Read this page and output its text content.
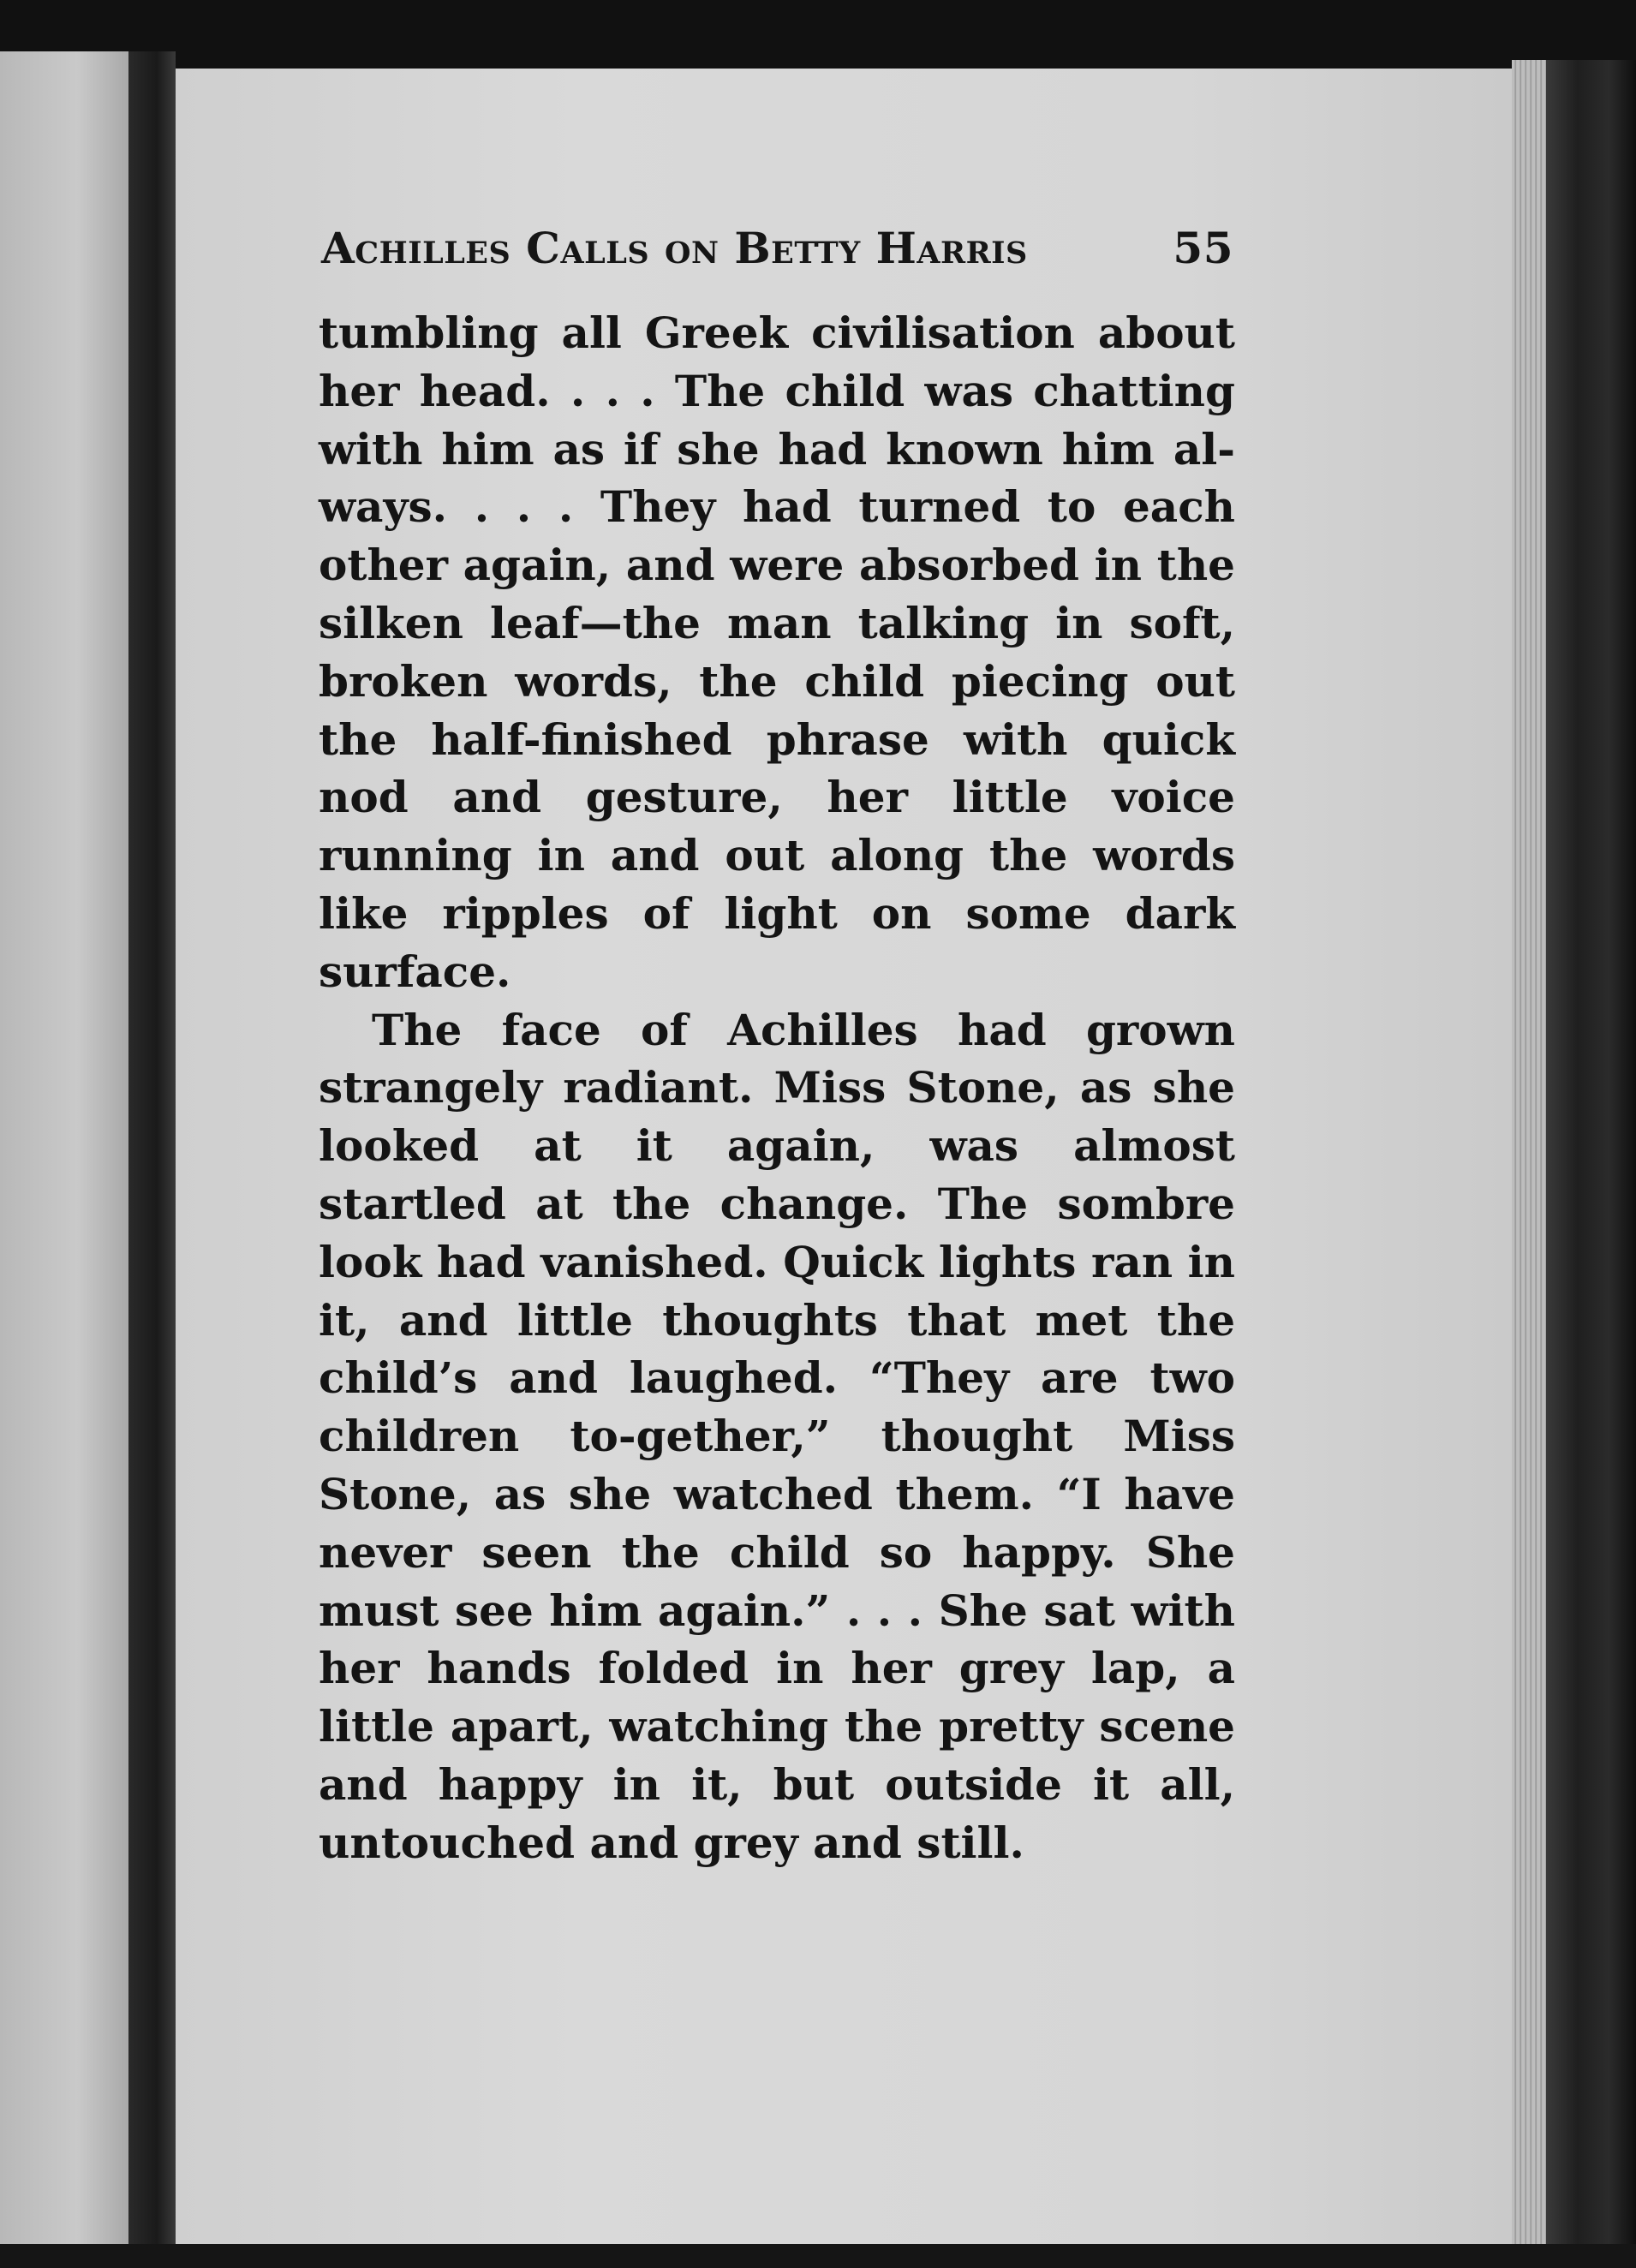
Achilles Calls on Betty Harris	55

tumbling all Greek civilisation about her head. . . . The child was chatting with him as if she had known him al-ways. . . . They had turned to each other again, and were absorbed in the silken leaf—the man talking in soft, broken words, the child piecing out the half-finished phrase with quick nod and gesture, her little voice running in and out along the words like ripples of light on some dark surface.

The face of Achilles had grown strangely radiant. Miss Stone, as she looked at it again, was almost startled at the change. The sombre look had vanished. Quick lights ran in it, and little thoughts that met the child’s and laughed. “They are two children to-gether,” thought Miss Stone, as she watched them. “I have never seen the child so happy. She must see him again.” . . . She sat with her hands folded in her grey lap, a little apart, watching the pretty scene and happy in it, but outside it all, untouched and grey and still.
